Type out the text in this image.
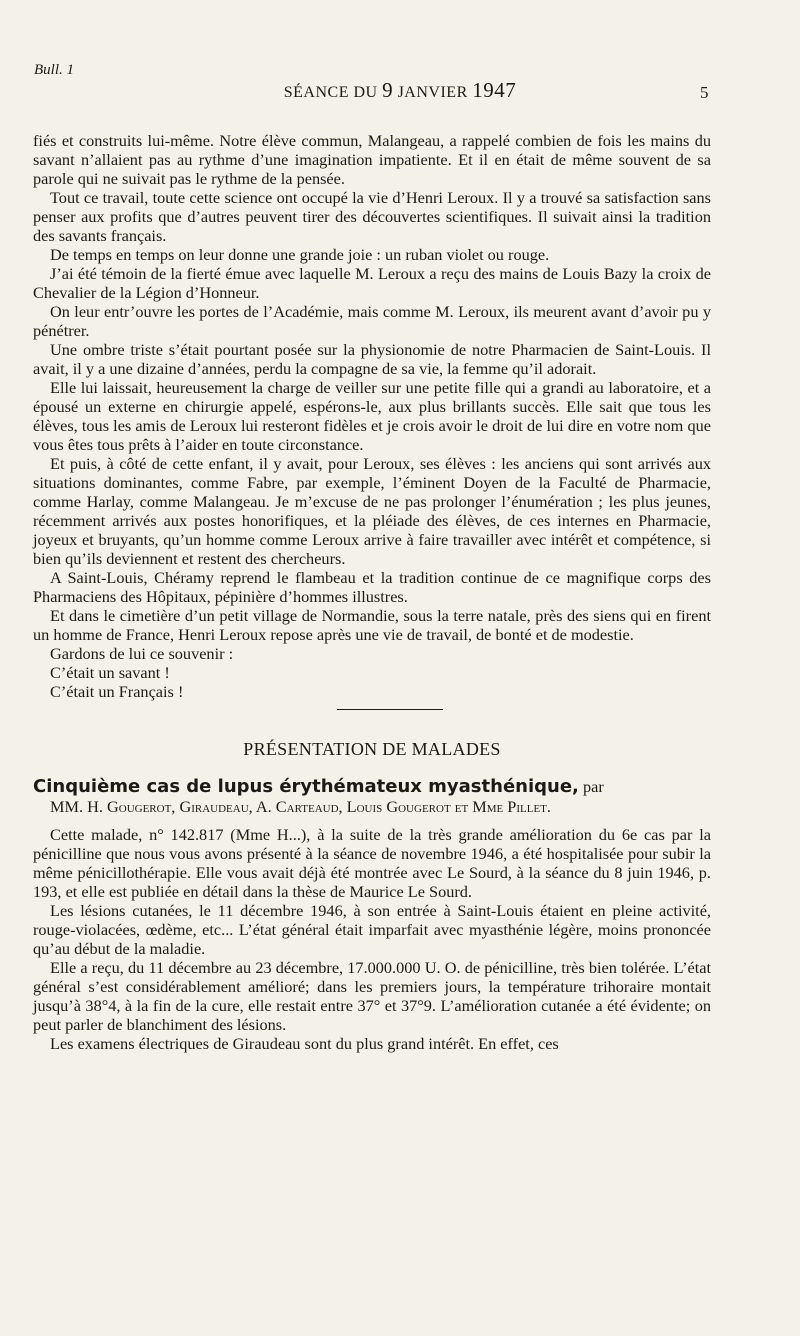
Bull. 1
SÉANCE DU 9 JANVIER 1947	5

fiés et construits lui-même. Notre élève commun, Malangeau, a rappelé combien de fois les mains du savant n’allaient pas au rythme d’une imagination impatiente. Et il en était de même souvent de sa parole qui ne suivait pas le rythme de la pensée.

Tout ce travail, toute cette science ont occupé la vie d’Henri Leroux. Il y a trouvé sa satisfaction sans penser aux profits que d’autres peuvent tirer des découvertes scientifiques. Il suivait ainsi la tradition des savants français.

De temps en temps on leur donne une grande joie : un ruban violet ou rouge.

J’ai été témoin de la fierté émue avec laquelle M. Leroux a reçu des mains de Louis Bazy la croix de Chevalier de la Légion d’Honneur.

On leur entr’ouvre les portes de l’Académie, mais comme M. Leroux, ils meurent avant d’avoir pu y pénétrer.

Une ombre triste s’était pourtant posée sur la physionomie de notre Pharmacien de Saint-Louis. Il avait, il y a une dizaine d’années, perdu la compagne de sa vie, la femme qu’il adorait.

Elle lui laissait, heureusement la charge de veiller sur une petite fille qui a grandi au laboratoire, et a épousé un externe en chirurgie appelé, espérons-le, aux plus brillants succès. Elle sait que tous les élèves, tous les amis de Leroux lui resteront fidèles et je crois avoir le droit de lui dire en votre nom que vous êtes tous prêts à l’aider en toute circonstance.

Et puis, à côté de cette enfant, il y avait, pour Leroux, ses élèves : les anciens qui sont arrivés aux situations dominantes, comme Fabre, par exemple, l’éminent Doyen de la Faculté de Pharmacie, comme Harlay, comme Malangeau. Je m’excuse de ne pas prolonger l’énumération ; les plus jeunes, récemment arrivés aux postes honorifiques, et la pléiade des élèves, de ces internes en Pharmacie, joyeux et bruyants, qu’un homme comme Leroux arrive à faire travailler avec intérêt et compétence, si bien qu’ils deviennent et restent des chercheurs.

A Saint-Louis, Chéramy reprend le flambeau et la tradition continue de ce magnifique corps des Pharmaciens des Hôpitaux, pépinière d’hommes illustres.

Et dans le cimetière d’un petit village de Normandie, sous la terre natale, près des siens qui en firent un homme de France, Henri Leroux repose après une vie de travail, de bonté et de modestie.

Gardons de lui ce souvenir :

C’était un savant !

C’était un Français !

PRÉSENTATION DE MALADES
Cinquième cas de lupus érythémateux myasthénique, par
MM. H. Gougerot, Giraudeau, A. Carteaud, Louis Gougerot et Mme Pillet.

Cette malade, n° 142.817 (Mme H...), à la suite de la très grande amélioration du 6e cas par la pénicilline que nous vous avons présenté à la séance de novembre 1946, a été hospitalisée pour subir la même pénicillothérapie. Elle vous avait déjà été montrée avec Le Sourd, à la séance du 8 juin 1946, p. 193, et elle est publiée en détail dans la thèse de Maurice Le Sourd.

Les lésions cutanées, le 11 décembre 1946, à son entrée à Saint-Louis étaient en pleine activité, rouge-violacées, œdème, etc... L’état général était imparfait avec myasthénie légère, moins prononcée qu’au début de la maladie.

Elle a reçu, du 11 décembre au 23 décembre, 17.000.000 U. O. de pénicilline, très bien tolérée. L’état général s’est considérablement amélioré; dans les premiers jours, la température trihoraire montait jusqu’à 38°4, à la fin de la cure, elle restait entre 37° et 37°9. L’amélioration cutanée a été évidente; on peut parler de blanchiment des lésions.

Les examens électriques de Giraudeau sont du plus grand intérêt. En effet, ces
